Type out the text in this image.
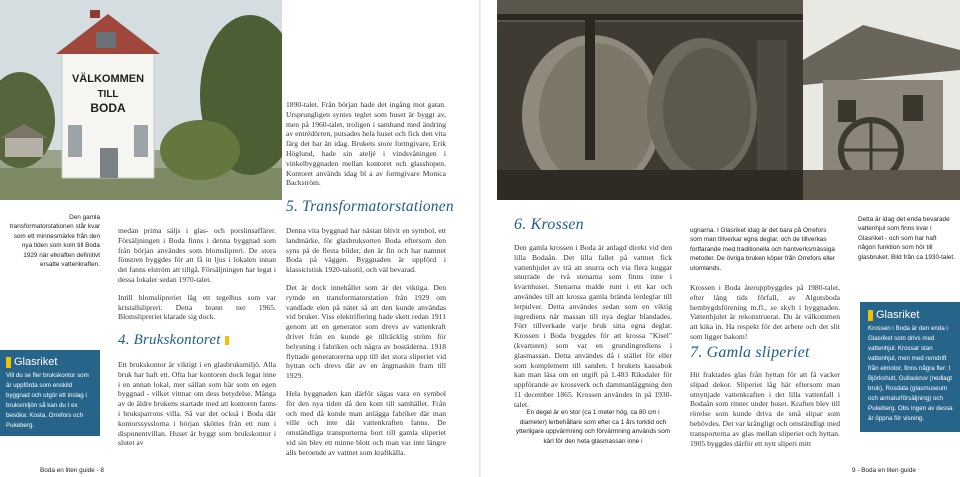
VÄLKOMMEN
TILL
BODA

Den gamla transformatorstationen står kvar som ett minnesmärke från den nya tiden som kom till Boda 1929 när elkraften definitivt ersatte vattenkraften.

Glasriket
Vill du se fler brukskontor som är uppförda som enskild byggnad och utgör ett inslag i bruksmiljön så kan du t ex besöka: Kosta, Orrefors och Pukeberg.

medan prima säljs i glas- och porslinsaffärer. Försäljningen i Boda finns i denna byggnad som från början användes som blomslipreri. De stora fönstren byggdes för att få in ljus i lokalen innan det fanns elström att tillgå. Försäljningen har legat i dessa lokaler sedan 1970-talet.

Intill blomslipreriet låg ett tegelhus som var kristallslipreri. Detta brann ner 1965. Blomslipreriet klarade sig dock.

4. Brukskontoret

Ett brukskontor är viktigt i en glasbruksmiljö. Alla bruk har haft ett. Ofta har kontoren dock legat inne i en annan lokal, mer sällan som här som en egen byggnad - vilket vittnar om dess betydelse. Många av de äldre brukens startade med att kontoren fanns i bruksparrons villa. Så var det också i Boda där kontorssysslorna i början sköttes från ett rum i disponentvillan. Huset är byggt som brukskontor i slutet av

1890-talet. Från början hade det ingång mot gatan. Ursprungligen syntes teglet som huset är byggt av, men på 1960-talet, troligen i samband med ändring av entrédörren, putsades hela huset och fick den vita färg det har än idag. Brukets store formgivare, Erik Höglund, hade sin ateljé i vindsvåningen i vinkelbyggnaden mellan kontoret och glasshopen. Kontoret används idag bl a av formgivare Monica Backström.

5. Transformatorstationen

Denna vita byggnad har nästan blivit en symbol, ett landmärke, för glasbruksorten Boda eftersom den syns på de flesta bilder, den är fin och har namnet Boda på väggen. Byggnaden är uppförd i klassicistisk 1920-talsstil, och väl bevarad.

Det är dock innehållet som är det viktiga. Den rymde en transformatorstation från 1929 om vandlade elen på nätet så att den kunde användas vid bruket. Viss elektrifiering hade skett redan 1911 genom att en generator som drevs av vattenkraft drivet från en kunde ge tillräcklig ström för belysning i fabriken och några av bostäderna. 1918 flyttade generatorerna upp till det stora sliperiet vid hyttan och drevs där av en ångmaskin fram till 1929.

Hela byggnaden kan därför sägas vara en symbol för den nya tiden då den kom till samhället. Från och med då kunde man anlägga fabriker där man ville och inte där vattenkraften fanns. De omständliga transporterna bort till gamla sliperiet vid sin blev ett minne blott och man var inte längre alls beroende av vattnet som kraftkälla.

Boda en liten guide - 8
6. Krossen

Den gamla krossen i Boda är anlagd direkt vid den lilla Bodaån. Det lilla fallet på vattnet fick vattenhjulet av trä att snurra och via flera kuggar snurrade de två stenarna som finns inne i kvarnhuset. Stenarna malde runt i ett kar och användes till att krossa gamla brända lerdeglar till lerpulver. Detta användes sedan som en viktig ingrediens när massan till nya deglar blandades. Förr tillverkade varje bruk sina egna deglar. Krossen i Boda byggdes för att krossa "Kisel" (kvartsten) som var en grundingrediens i glasmassan. Detta användes då i stället för eller som komplement till sanden. I brukets kassabok kan man läsa om en utgift på 1.483 Riksdaler för uppförande av krossverk och dammanläggning den 11 december 1865. Krossen användes in på 1930-talet.

En degel är en stor (ca 1 meter hög, ca 80 cm i diameter) lerbehållare som efter ca 1 års torktid och ytterligare uppvärmning och förvärmning används som kärl för den heta glasmassan inne i

ugnarna. I Glasriket idag är det bara på Orrefors som man tillverkar egna deglar, och de tillverkas fortfarande med traditionella och hantverksmässiga metoder. De övriga bruken köper från Orrefors eller utomlands.

Krossen i Boda återuppbyggdes på 1980-talet, efter lång tids förfall, av Algutsboda hembygdsförening m.fl., se skylt i byggnaden. Vattenhjulet är rekonstruerat. Du är välkommen att kika in. Ha respekt för det arbete och det slit som ligger bakom!

7. Gamla sliperiet

Hit fraktades glas från hyttan för att få vacker slipad dekor. Sliperiet låg här eftersom man utnyttjade vattenkraften i det lilla vattenfall i Bodaån som rinner under huset. Kraften blev till rörelse som kunde driva de små slipar som behövdes. Det var krångligt och omständligt med transporterna av glas mellan sliperiet och hyttan. 1905 byggdes därför ett nytt sliperi mitt

Detta är idag det enda bevarade vattenhjul som finns kvar i Glasriket - och som har haft någon funktion som hör till glasbruket. Bild från ca 1930-talet.

Glasriket
Krossen i Boda är den enda i Glasriket som drivs med vattenhjul. Krossar stan vattenhjul, men med remdrift från elmotor, finns några fler: I Björkshult, Gullaskruv (nedlagt bruk), Rosdala (glasmuseum och armaturförsäljning) och Pukeberg. Obs ingen av dessa är öppna för visning.
9 - Boda en liten guide
